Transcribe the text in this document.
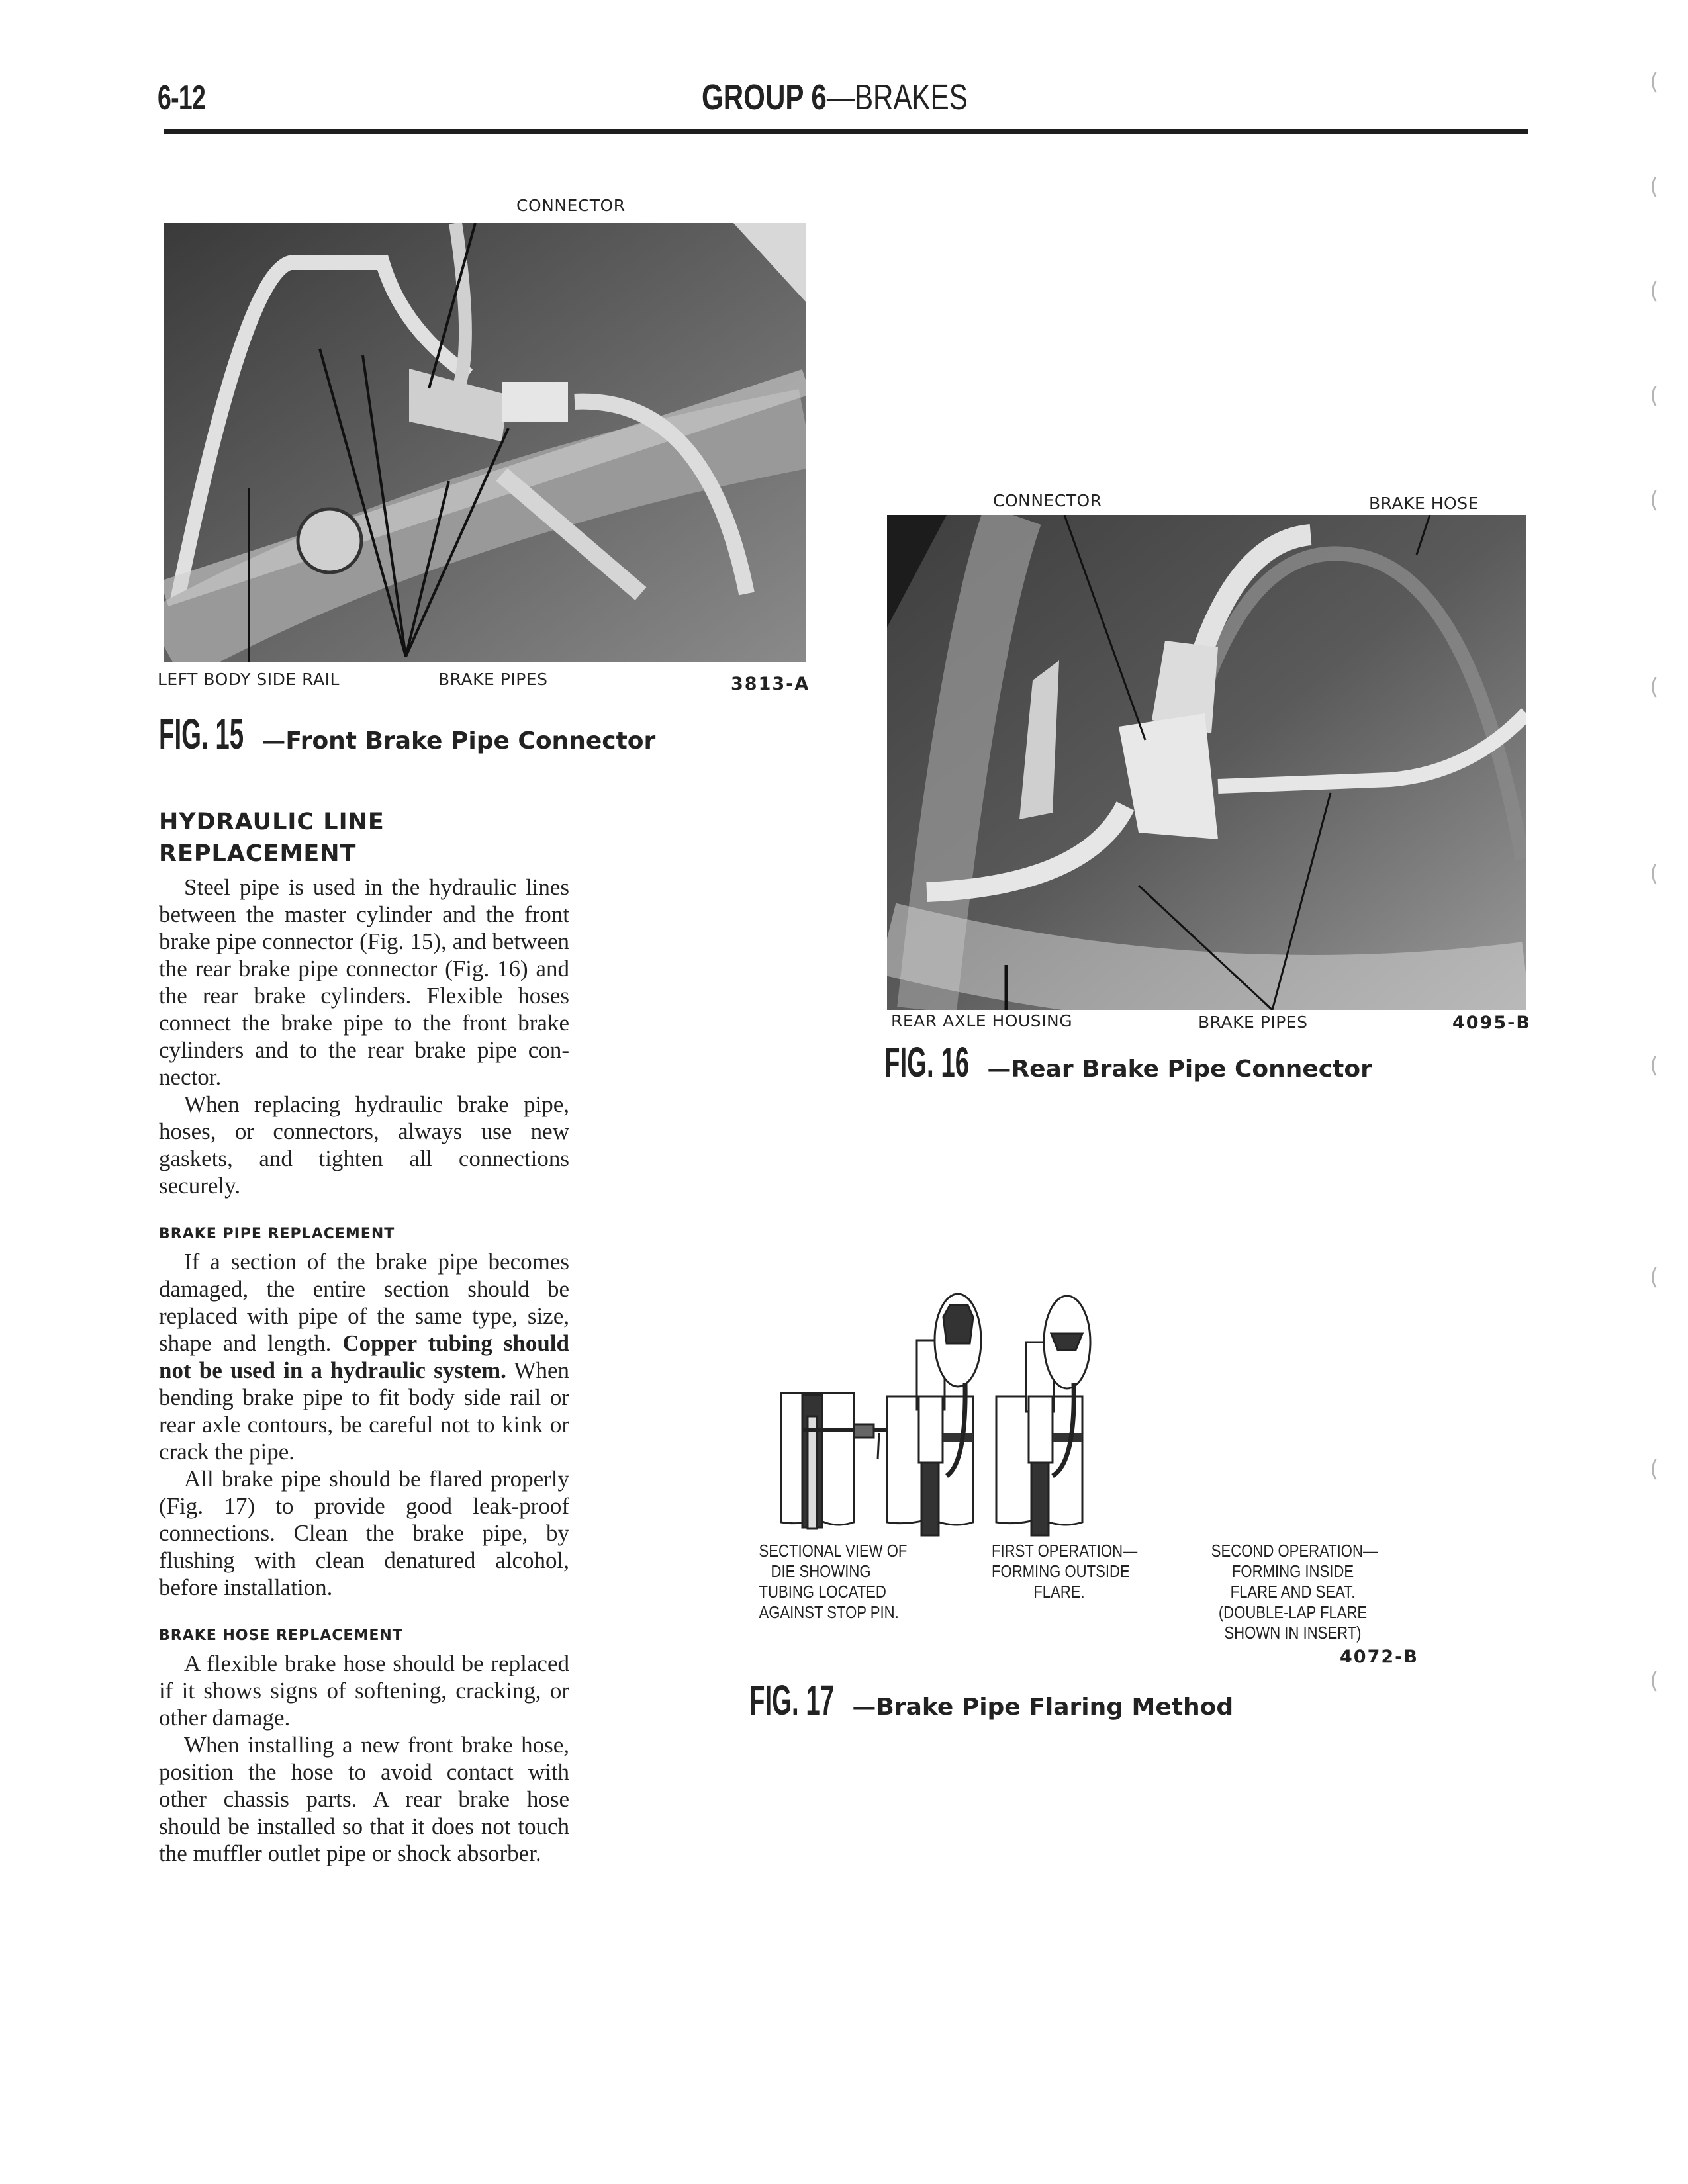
6-12	GROUP 6—BRAKES
CONNECTOR
LEFT BODY SIDE RAIL	BRAKE PIPES	3813-A
FIG. 15 —Front Brake Pipe Connector
HYDRAULIC LINE
REPLACEMENT

Steel pipe is used in the hydraulic lines between the master cylinder and the front brake pipe connector (Fig. 15), and between the rear brake pipe connector (Fig. 16) and the rear brake cylinders. Flexible hoses connect the brake pipe to the front brake cylinders and to the rear brake pipe connector.

When replacing hydraulic brake pipe, hoses, or connectors, always use new gaskets, and tighten all connections securely.

BRAKE PIPE REPLACEMENT

If a section of the brake pipe becomes damaged, the entire section should be replaced with pipe of the same type, size, shape and length. Copper tubing should not be used in a hydraulic system. When bending brake pipe to fit body side rail or rear axle contours, be careful not to kink or crack the pipe.

All brake pipe should be flared properly (Fig. 17) to provide good leak-proof connections. Clean the brake pipe, by flushing with clean denatured alcohol, before installation.

BRAKE HOSE REPLACEMENT

A flexible brake hose should be replaced if it shows signs of softening, cracking, or other damage.

When installing a new front brake hose, position the hose to avoid contact with other chassis parts. A rear brake hose should be installed so that it does not touch the muffler outlet pipe or shock absorber.

CONNECTOR	BRAKE HOSE
REAR AXLE HOUSING	BRAKE PIPES	4095-B
FIG. 16 —Rear Brake Pipe Connector
SECTIONAL VIEW OF
DIE SHOWING
TUBING LOCATED
AGAINST STOP PIN.
FIRST OPERATION—
FORMING OUTSIDE
FLARE.
SECOND OPERATION—
FORMING INSIDE
FLARE AND SEAT.
(DOUBLE-LAP FLARE
SHOWN IN INSERT)
4072-B
FIG. 17 —Brake Pipe Flaring Method
(
(
(
(
(
(
(
(
(
(
(
